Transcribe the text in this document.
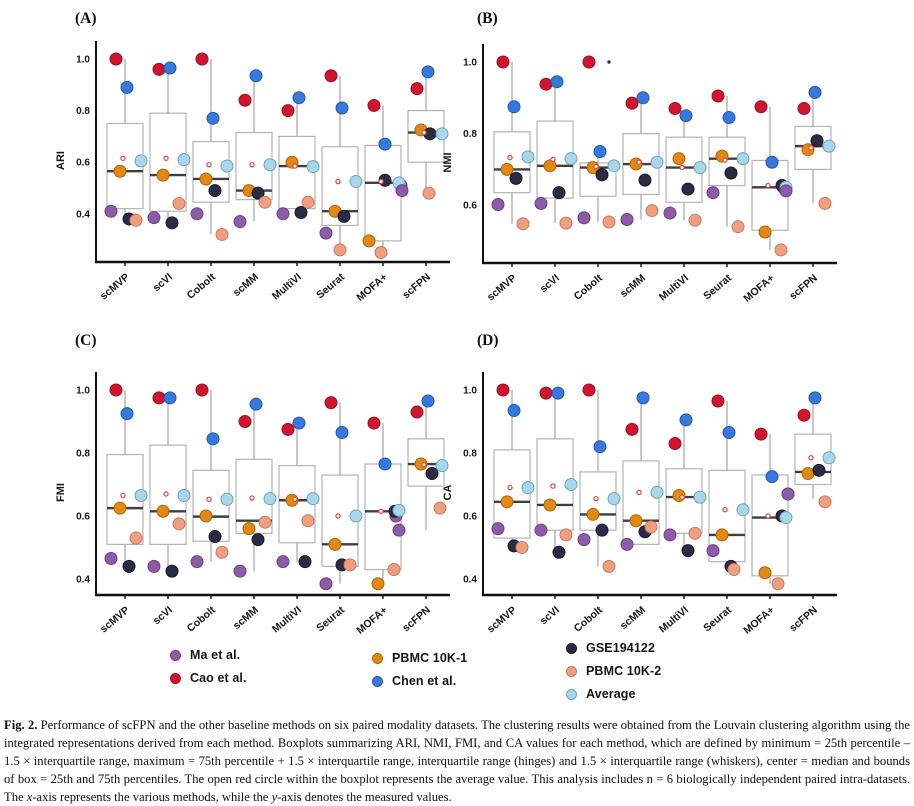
(A)
1.0
0.8
0.6
0.4
ARI
scMVP scVI Cobolt scMM MultiVI Seurat MOFA+ scFPN
(B)
1.0
0.8
0.6
NMI
scMVP scVI Cobolt scMM MultiVI Seurat MOFA+ scFPN
(C)
1.0
0.8
0.6
0.4
FMI
scMVP scVI Cobolt scMM MultiVI Seurat MOFA+ scFPN
(D)
1.0
0.8
0.6
0.4
CA
scMVP scVI Cobolt scMM MultiVI Seurat MOFA+ scFPN
Ma et al.
Cao et al.
PBMC 10K-1
Chen et al.
GSE194122
PBMC 10K-2
Average
Fig. 2. Performance of scFPN and the other baseline methods on six paired modality datasets. The clustering results were obtained from the Louvain clustering algorithm using the integrated representations derived from each method. Boxplots summarizing ARI, NMI, FMI, and CA values for each method, which are defined by minimum = 25th percentile – 1.5 × interquartile range, maximum = 75th percentile + 1.5 × interquartile range, interquartile range (hinges) and 1.5 × interquartile range (whiskers), center = median and bounds of box = 25th and 75th percentiles. The open red circle within the boxplot represents the average value. This analysis includes n = 6 biologically independent paired intra-datasets. The x-axis represents the various methods, while the y-axis denotes the measured values.
